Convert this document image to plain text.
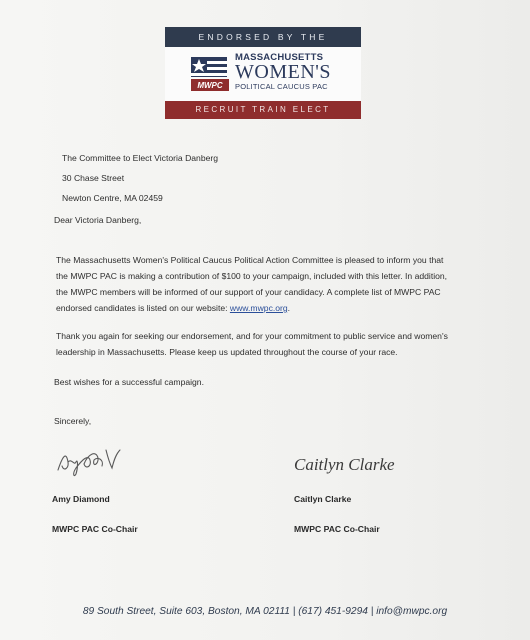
ENDORSED BY THE
MWPC
MASSACHUSETTS
WOMEN'S
POLITICAL CAUCUS PAC
RECRUIT TRAIN ELECT
The Committee to Elect Victoria Danberg
30 Chase Street
Newton Centre, MA 02459
Dear Victoria Danberg,
The Massachusetts Women's Political Caucus Political Action Committee is pleased to inform you that
the MWPC PAC is making a contribution of $100 to your campaign, included with this letter. In addition,
the MWPC members will be informed of our support of your candidacy. A complete list of MWPC PAC
endorsed candidates is listed on our website: www.mwpc.org.
Thank you again for seeking our endorsement, and for your commitment to public service and women's
leadership in Massachusetts. Please keep us updated throughout the course of your race.
Best wishes for a successful campaign.
Sincerely,
Caitlyn Clarke
Amy Diamond
MWPC PAC Co-Chair
Caitlyn Clarke
MWPC PAC Co-Chair
89 South Street, Suite 603, Boston, MA 02111 | (617) 451-9294 | info@mwpc.org
